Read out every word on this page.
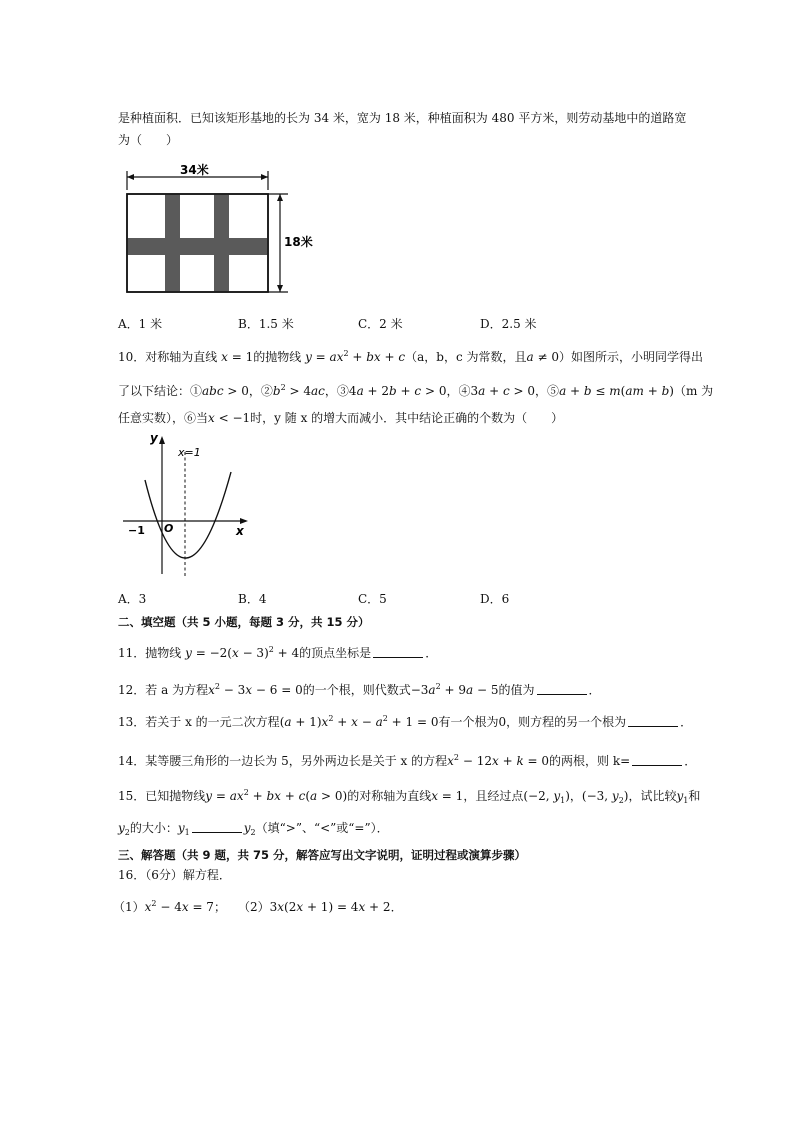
是种植面积．已知该矩形基地的长为 34 米，宽为 18 米，种植面积为 480 平方米，则劳动基地中的道路宽
为（　　）
34米
18米
A．1 米	B．1.5 米	C．2 米	D．2.5 米
10．对称轴为直线 x = 1的抛物线 $y = ax^2$ + bx + c（a，b，c 为常数，且a ≠ 0）如图所示，小明同学得出
了以下结论：①abc > 0，$②b^2 > 4ac$，③4a + 2b + c > 0，④3a + c > 0，⑤a + b ≤ m(am + b)（m 为
任意实数），⑥当x < −1时，y 随 x 的增大而减小．其中结论正确的个数为（　　）
y
x=1
O
−1	x
A．3	B．4	C．5	D．6
二、填空题（共 5 小题，每题 3 分，共 15 分）
11．抛物线 $y = -2(x - 3)^2 + 4$的顶点坐标是	．
12．若 a 为方程$x^2 - 3x - 6 = 0$的一个根，则代数式$-3a^2 + 9a - 5$的值为	．
13．若关于 x 的一元二次方程$(a + 1)x^2 + x - a^2 + 1 = 0$有一个根为0，则方程的另一个根为	．
14．某等腰三角形的一边长为 5，另外两边长是关于 x 的方程$x^2 - 12x + k = 0$的两根，则 k=	．
15．已知抛物线$y = ax^2$ + bx + c(a > 0)的对称轴为直线x = 1，且经过点(−2, $y_1$)，(−3, $y_2$)，试比较$y_1$和
$y_2$的大小：$y_1$	$y_2$（填“>”、“<”或“=”）．
三、解答题（共 9 题，共 75 分，解答应写出文字说明，证明过程或演算步骤）
16．（6分）解方程．
$(1)x^2 - 4x = 7$；　　（2）3x(2x + 1) = 4x + 2．
